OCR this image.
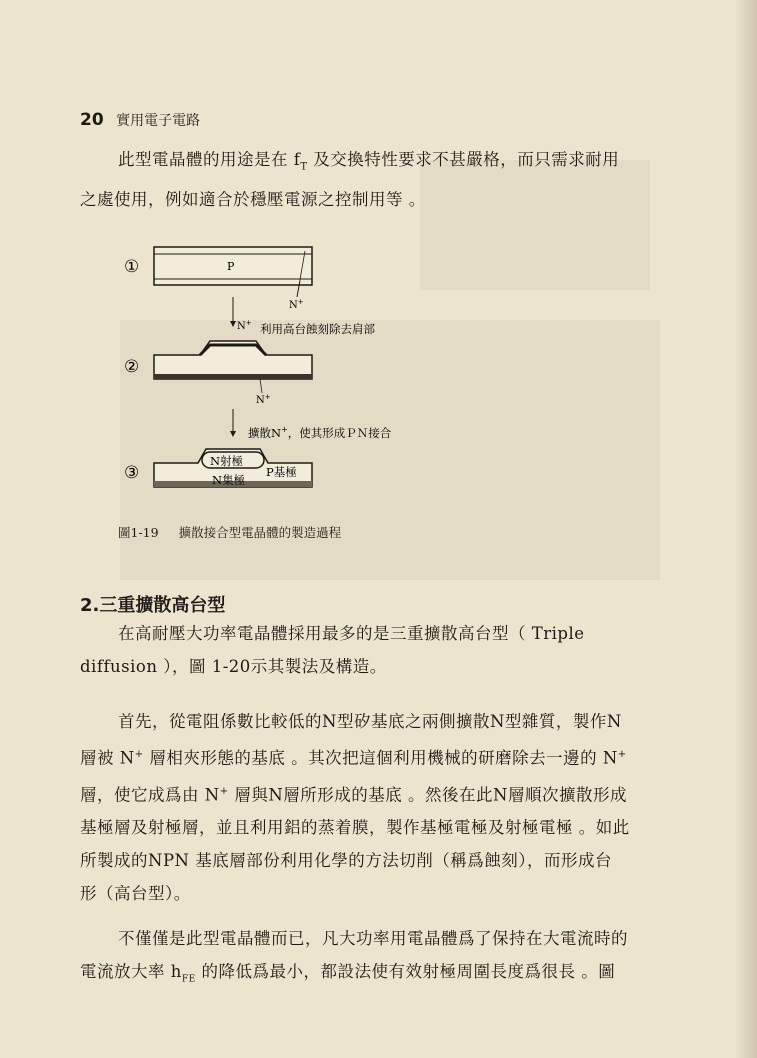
20 實用電子電路
此型電晶體的用途是在 $f_T$ 及交換特性要求不甚嚴格，而只需求耐用
之處使用，例如適合於穩壓電源之控制用等 。
①	P
N+
N+ 利用高台蝕刻除去肩部
②
N+
擴散N+，使其形成ＰＮ接合
③
N射極
P基極
N集極
圖1-19 擴散接合型電晶體的製造過程
2.三重擴散高台型
在高耐壓大功率電晶體採用最多的是三重擴散高台型（ Triple
diffusion ），圖 1-20示其製法及構造。
首先，從電阻係數比較低的N型矽基底之兩側擴散N型雜質，製作N
層被 N+ 層相夾形態的基底 。其次把這個利用機械的研磨除去一邊的 N+
層，使它成爲由 N+ 層與N層所形成的基底 。然後在此N層順次擴散形成
基極層及射極層，並且利用鋁的蒸着膜，製作基極電極及射極電極 。如此
所製成的NPN 基底層部份利用化學的方法切削（稱爲蝕刻），而形成台
形（高台型）。
不僅僅是此型電晶體而已，凡大功率用電晶體爲了保持在大電流時的
電流放大率 $h_{FE}$ 的降低爲最小，都設法使有效射極周圍長度爲很長 。圖
